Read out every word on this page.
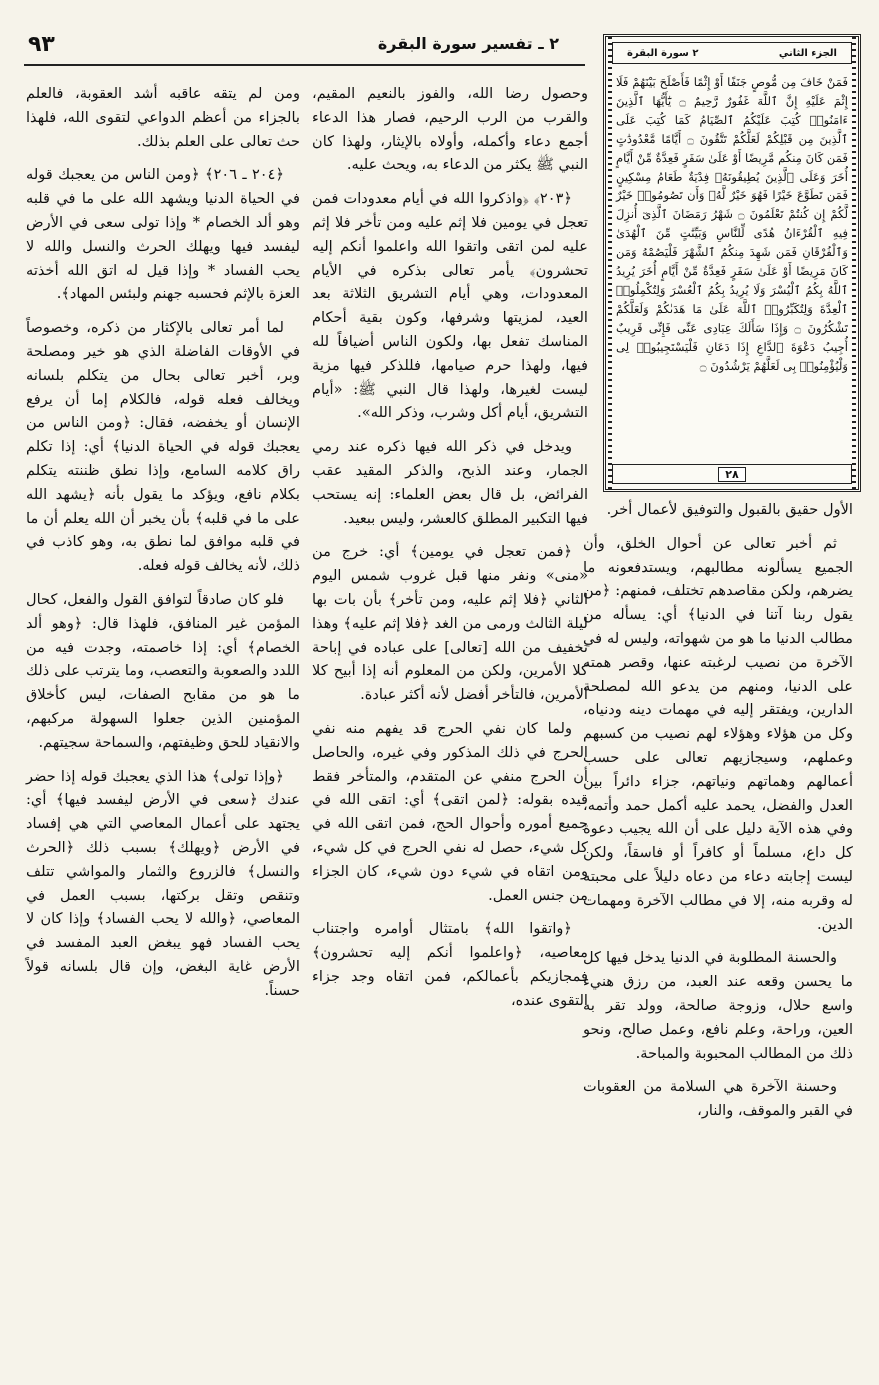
٢ ـ تفسير سورة البقرة
٩٣	الجزء الثاني
٢ سورة البقرة
فَمَنْ خَافَ مِن مُّوصٍ جَنَفًا أَوْ إِثْمًا فَأَصْلَحَ بَيْنَهُمْ فَلَا إِثْمَ عَلَيْهِ إِنَّ ٱللَّهَ غَفُورٌ رَّحِيمٌ ۝ يَٰٓأَيُّهَا ٱلَّذِينَ ءَامَنُوا۟ كُتِبَ عَلَيْكُمُ ٱلصِّيَامُ كَمَا كُتِبَ عَلَى ٱلَّذِينَ مِن قَبْلِكُمْ لَعَلَّكُمْ تَتَّقُونَ ۝ أَيَّامًا مَّعْدُودَٰتٍ فَمَن كَانَ مِنكُم مَّرِيضًا أَوْ عَلَىٰ سَفَرٍ فَعِدَّةٌ مِّنْ أَيَّامٍ أُخَرَ وَعَلَى ٱلَّذِينَ يُطِيقُونَهُۥ فِدْيَةٌ طَعَامُ مِسْكِينٍ فَمَن تَطَوَّعَ خَيْرًا فَهُوَ خَيْرٌ لَّهُۥ وَأَن تَصُومُوا۟ خَيْرٌ لَّكُمْ إِن كُنتُمْ تَعْلَمُونَ ۝ شَهْرُ رَمَضَانَ ٱلَّذِىٓ أُنزِلَ فِيهِ ٱلْقُرْءَانُ هُدًى لِّلنَّاسِ وَبَيِّنَٰتٍ مِّنَ ٱلْهُدَىٰ وَٱلْفُرْقَانِ فَمَن شَهِدَ مِنكُمُ ٱلشَّهْرَ فَلْيَصُمْهُ وَمَن كَانَ مَرِيضًا أَوْ عَلَىٰ سَفَرٍ فَعِدَّةٌ مِّنْ أَيَّامٍ أُخَرَ يُرِيدُ ٱللَّهُ بِكُمُ ٱلْيُسْرَ وَلَا يُرِيدُ بِكُمُ ٱلْعُسْرَ وَلِتُكْمِلُوا۟ ٱلْعِدَّةَ وَلِتُكَبِّرُوا۟ ٱللَّهَ عَلَىٰ مَا هَدَىٰكُمْ وَلَعَلَّكُمْ تَشْكُرُونَ ۝ وَإِذَا سَأَلَكَ عِبَادِى عَنِّى فَإِنِّى قَرِيبٌ أُجِيبُ دَعْوَةَ ٱلدَّاعِ إِذَا دَعَانِ فَلْيَسْتَجِيبُوا۟ لِى وَلْيُؤْمِنُوا۟ بِى لَعَلَّهُمْ يَرْشُدُونَ ۝
٢٨

الأول حقيق بالقبول والتوفيق لأعمال أخر.

ثم أخبر تعالى عن أحوال الخلق، وأن الجميع يسألونه مطالبهم، ويستدفعونه ما يضرهم، ولكن مقاصدهم تختلف، فمنهم: ﴿من يقول ربنا آتنا في الدنيا﴾ أي: يسأله من مطالب الدنيا ما هو من شهواته، وليس له في الآخرة من نصيب لرغبته عنها، وقصر همته على الدنيا، ومنهم من يدعو الله لمصلحة الدارين، ويفتقر إليه في مهمات دينه ودنياه، وكل من هؤلاء وهؤلاء لهم نصيب من كسبهم وعملهم، وسيجازيهم تعالى على حسب أعمالهم وهماتهم ونياتهم، جزاء دائراً بين العدل والفضل، يحمد عليه أكمل حمد وأتمه، وفي هذه الآية دليل على أن الله يجيب دعوة كل داع، مسلماً أو كافراً أو فاسقاً، ولكن ليست إجابته دعاء من دعاه دليلاً على محبته له وقربه منه، إلا في مطالب الآخرة ومهمات الدين.

والحسنة المطلوبة في الدنيا يدخل فيها كل ما يحسن وقعه عند العبد، من رزق هنيء واسع حلال، وزوجة صالحة، وولد تقر به العين، وراحة، وعلم نافع، وعمل صالح، ونحو ذلك من المطالب المحبوبة والمباحة.

وحسنة الآخرة هي السلامة من العقوبات في القبر والموقف، والنار،

وحصول رضا الله، والفوز بالنعيم المقيم، والقرب من الرب الرحيم، فصار هذا الدعاء أجمع دعاء وأكمله، وأولاه بالإيثار، ولهذا كان النبي ﷺ يكثر من الدعاء به، ويحث عليه.

﴿٢٠٣﴾ ﴿واذكروا الله في أيام معدودات فمن تعجل في يومين فلا إثم عليه ومن تأخر فلا إثم عليه لمن اتقى واتقوا الله واعلموا أنكم إليه تحشرون﴾ يأمر تعالى بذكره في الأيام المعدودات، وهي أيام التشريق الثلاثة بعد العيد، لمزيتها وشرفها، وكون بقية أحكام المناسك تفعل بها، ولكون الناس أضيافاً لله فيها، ولهذا حرم صيامها، فللذكر فيها مزية ليست لغيرها، ولهذا قال النبي ﷺ: «أيام التشريق، أيام أكل وشرب، وذكر الله».

ويدخل في ذكر الله فيها ذكره عند رمي الجمار، وعند الذبح، والذكر المقيد عقب الفرائض، بل قال بعض العلماء: إنه يستحب فيها التكبير المطلق كالعشر، وليس ببعيد.

﴿فمن تعجل في يومين﴾ أي: خرج من «منى» ونفر منها قبل غروب شمس اليوم الثاني ﴿فلا إثم عليه، ومن تأخر﴾ بأن بات بها ليلة الثالث ورمى من الغد ﴿فلا إثم عليه﴾ وهذا تخفيف من الله [تعالى] على عباده في إباحة كلا الأمرين، ولكن من المعلوم أنه إذا أبيح كلا الأمرين، فالتأخر أفضل لأنه أكثر عبادة.

ولما كان نفي الحرج قد يفهم منه نفي الحرج في ذلك المذكور وفي غيره، والحاصل أن الحرج منفي عن المتقدم، والمتأخر فقط قيده بقوله: ﴿لمن اتقى﴾ أي: اتقى الله في جميع أموره وأحوال الحج، فمن اتقى الله في كل شيء، حصل له نفي الحرج في كل شيء، ومن اتقاه في شيء دون شيء، كان الجزاء من جنس العمل.

﴿واتقوا الله﴾ بامتثال أوامره واجتناب معاصيه، ﴿واعلموا أنكم إليه تحشرون﴾ فمجازيكم بأعمالكم، فمن اتقاه وجد جزاء التقوى عنده،

ومن لم يتقه عاقبه أشد العقوبة، فالعلم بالجزاء من أعظم الدواعي لتقوى الله، فلهذا حث تعالى على العلم بذلك.

﴿٢٠٤ ـ ٢٠٦﴾ ﴿ومن الناس من يعجبك قوله في الحياة الدنيا ويشهد الله على ما في قلبه وهو ألد الخصام * وإذا تولى سعى في الأرض ليفسد فيها ويهلك الحرث والنسل والله لا يحب الفساد * وإذا قيل له اتق الله أخذته العزة بالإثم فحسبه جهنم ولبئس المهاد﴾.

لما أمر تعالى بالإكثار من ذكره، وخصوصاً في الأوقات الفاضلة الذي هو خير ومصلحة وبر، أخبر تعالى بحال من يتكلم بلسانه ويخالف فعله قوله، فالكلام إما أن يرفع الإنسان أو يخفضه، فقال: ﴿ومن الناس من يعجبك قوله في الحياة الدنيا﴾ أي: إذا تكلم راق كلامه السامع، وإذا نطق ظننته يتكلم بكلام نافع، ويؤكد ما يقول بأنه ﴿يشهد الله على ما في قلبه﴾ بأن يخبر أن الله يعلم أن ما في قلبه موافق لما نطق به، وهو كاذب في ذلك، لأنه يخالف قوله فعله.

فلو كان صادقاً لتوافق القول والفعل، كحال المؤمن غير المنافق، فلهذا قال: ﴿وهو ألد الخصام﴾ أي: إذا خاصمته، وجدت فيه من اللدد والصعوبة والتعصب، وما يترتب على ذلك ما هو من مقابح الصفات، ليس كأخلاق المؤمنين الذين جعلوا السهولة مركبهم، والانقياد للحق وظيفتهم، والسماحة سجيتهم.

﴿وإذا تولى﴾ هذا الذي يعجبك قوله إذا حضر عندك ﴿سعى في الأرض ليفسد فيها﴾ أي: يجتهد على أعمال المعاصي التي هي إفساد في الأرض ﴿ويهلك﴾ بسبب ذلك ﴿الحرث والنسل﴾ فالزروع والثمار والمواشي تتلف وتنقص وتقل بركتها، بسبب العمل في المعاصي، ﴿والله لا يحب الفساد﴾ وإذا كان لا يحب الفساد فهو يبغض العبد المفسد في الأرض غاية البغض، وإن قال بلسانه قولاً حسناً.
